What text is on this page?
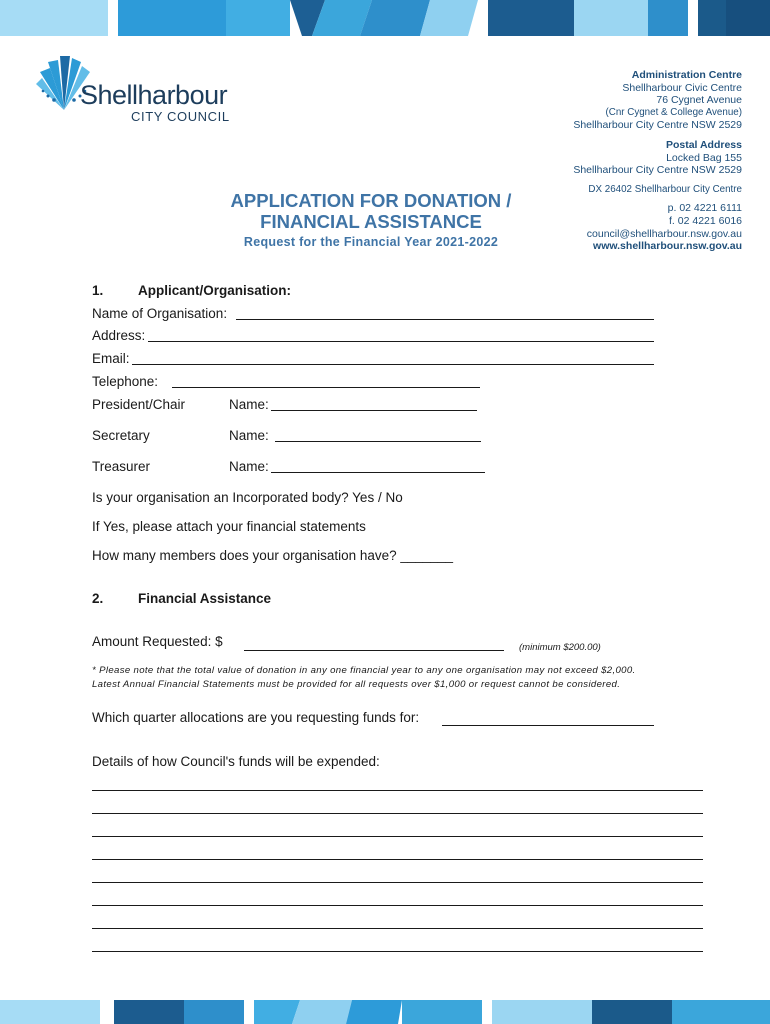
Shellharbour
CITY COUNCIL
Administration Centre
Shellharbour Civic Centre
76 Cygnet Avenue
(Cnr Cygnet & College Avenue)
Shellharbour City Centre NSW 2529
Postal Address
Locked Bag 155
Shellharbour City Centre NSW 2529
DX 26402 Shellharbour City Centre
p. 02 4221 6111
f. 02 4221 6016
council@shellharbour.nsw.gov.au
www.shellharbour.nsw.gov.au
APPLICATION FOR DONATION /
FINANCIAL ASSISTANCE
Request for the Financial Year 2021-2022
1.	Applicant/Organisation:
Name of Organisation:
Address:
Email:
Telephone:
President/Chair	Name:
Secretary	Name:
Treasurer	Name:
Is your organisation an Incorporated body? Yes / No
If Yes, please attach your financial statements
How many members does your organisation have? _______
2.	Financial Assistance
Amount Requested: $	(minimum $200.00)
* Please note that the total value of donation in any one financial year to any one organisation may not exceed $2,000.
Latest Annual Financial Statements must be provided for all requests over $1,000 or request cannot be considered.
Which quarter allocations are you requesting funds for:
Details of how Council's funds will be expended:
